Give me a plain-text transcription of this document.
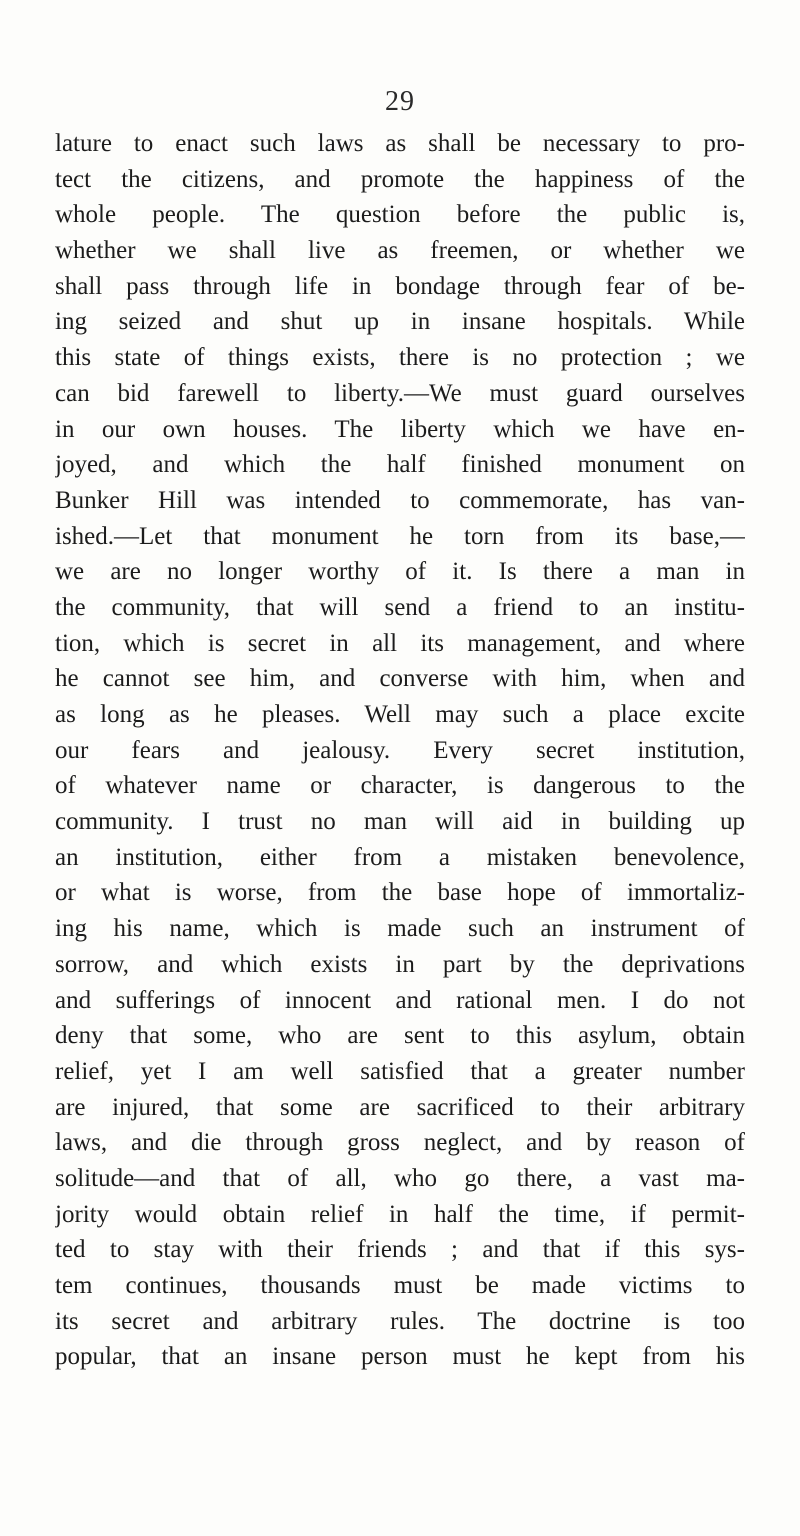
29
lature to enact such laws as shall be necessary to pro-
tect the citizens, and promote the happiness of the
whole people. The question before the public is,
whether we shall live as freemen, or whether we
shall pass through life in bondage through fear of be-
ing seized and shut up in insane hospitals. While
this state of things exists, there is no protection ; we
can bid farewell to liberty.—We must guard ourselves
in our own houses. The liberty which we have en-
joyed, and which the half finished monument on
Bunker Hill was intended to commemorate, has van-
ished.—Let that monument he torn from its base,—
we are no longer worthy of it. Is there a man in
the community, that will send a friend to an institu-
tion, which is secret in all its management, and where
he cannot see him, and converse with him, when and
as long as he pleases. Well may such a place excite
our fears and jealousy. Every secret institution,
of whatever name or character, is dangerous to the
community. I trust no man will aid in building up
an institution, either from a mistaken benevolence,
or what is worse, from the base hope of immortaliz-
ing his name, which is made such an instrument of
sorrow, and which exists in part by the deprivations
and sufferings of innocent and rational men. I do not
deny that some, who are sent to this asylum, obtain
relief, yet I am well satisfied that a greater number
are injured, that some are sacrificed to their arbitrary
laws, and die through gross neglect, and by reason of
solitude—and that of all, who go there, a vast ma-
jority would obtain relief in half the time, if permit-
ted to stay with their friends ; and that if this sys-
tem continues, thousands must be made victims to
its secret and arbitrary rules. The doctrine is too
popular, that an insane person must he kept from his
